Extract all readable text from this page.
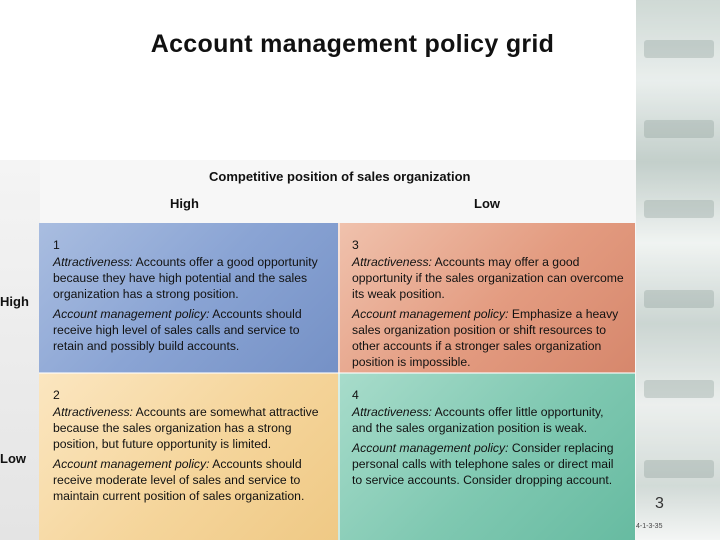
Account management policy grid
Competitive position of sales organization
High	Low
High
Low
1

Attractiveness: Accounts offer a good opportunity because they have high potential and the sales organization has a strong position.

Account management policy: Accounts should receive high level of sales calls and service to retain and possibly build accounts.

3

Attractiveness: Accounts may offer a good opportunity if the sales organization can overcome its weak position.

Account management policy: Emphasize a heavy sales organization position or shift resources to other accounts if a stronger sales organization position is impossible.

2

Attractiveness: Accounts are somewhat attractive because the sales organization has a strong position, but future opportunity is limited.

Account management policy: Accounts should receive moderate level of sales and service to maintain current position of sales organization.

4

Attractiveness: Accounts offer little opportunity, and the sales organization position is weak.

Account management policy: Consider replacing personal calls with telephone sales or direct mail to service accounts. Consider dropping account.

3
4-1-3-35
